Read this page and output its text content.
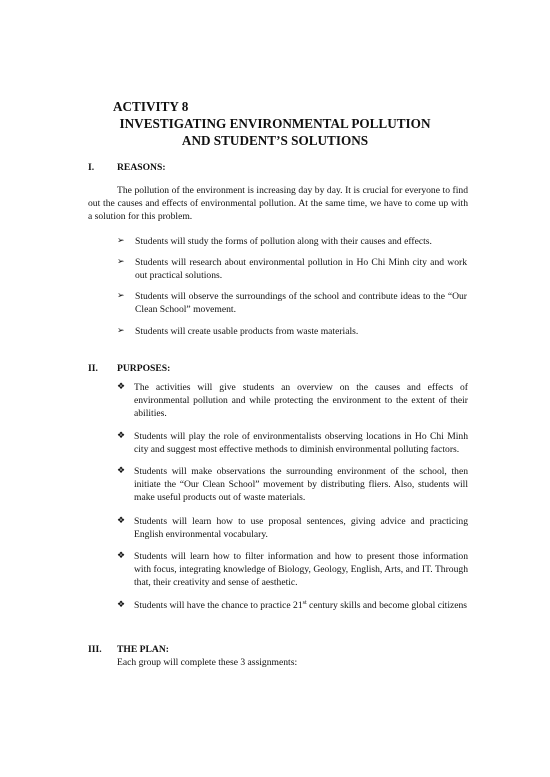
ACTIVITY 8

INVESTIGATING ENVIRONMENTAL POLLUTION

AND STUDENT’S SOLUTIONS

I. REASONS:

The pollution of the environment is increasing day by day. It is crucial for everyone to find out the causes and effects of environmental pollution. At the same time, we have to come up with a solution for this problem.

➢ Students will study the forms of pollution along with their causes and effects.
➢ Students will research about environmental pollution in Ho Chi Minh city and work out practical solutions.
➢ Students will observe the surroundings of the school and contribute ideas to the “Our Clean School” movement.
➢ Students will create usable products from waste materials.

II. PURPOSES:

❖ The activities will give students an overview on the causes and effects of environmental pollution and while protecting the environment to the extent of their abilities.
❖ Students will play the role of environmentalists observing locations in Ho Chi Minh city and suggest most effective methods to diminish environmental polluting factors.
❖ Students will make observations the surrounding environment of the school, then initiate the “Our Clean School” movement by distributing fliers. Also, students will make useful products out of waste materials.
❖ Students will learn how to use proposal sentences, giving advice and practicing English environmental vocabulary.
❖ Students will learn how to filter information and how to present those information with focus, integrating knowledge of Biology, Geology, English, Arts, and IT. Through that, their creativity and sense of aesthetic.
❖ Students will have the chance to practice 21st century skills and become global citizens

III. THE PLAN:

Each group will complete these 3 assignments:
